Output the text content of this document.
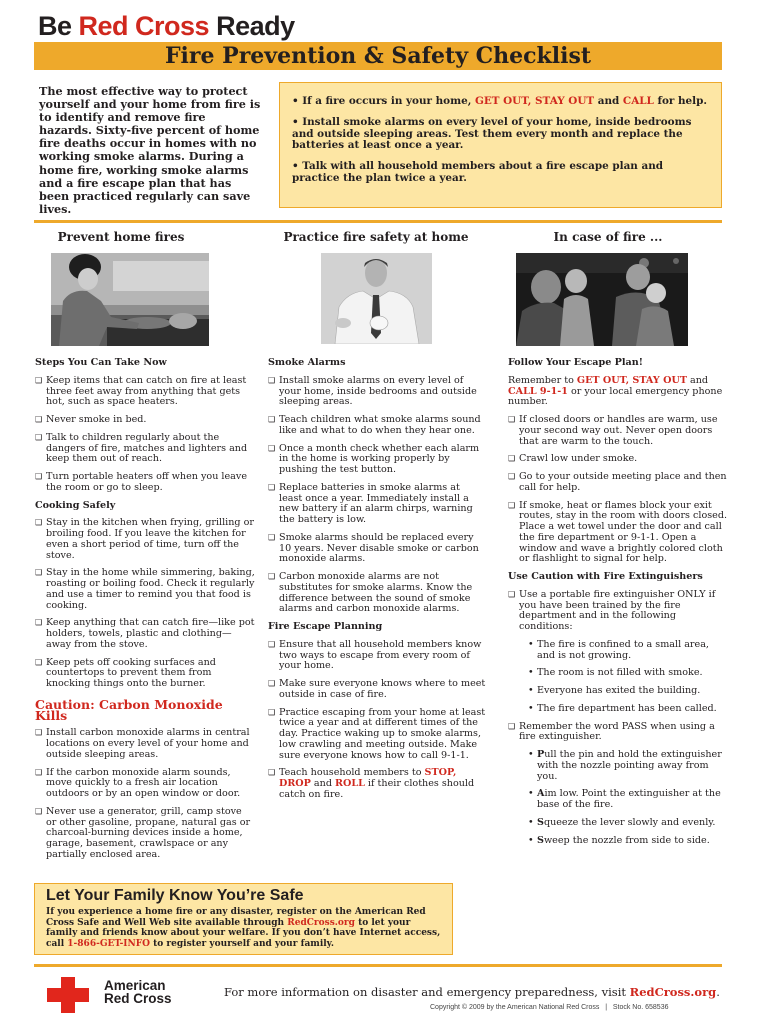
Be Red Cross Ready
Fire Prevention & Safety Checklist
The most effective way to protect yourself and your home from fire is to identify and remove fire hazards. Sixty-five percent of home fire deaths occur in homes with no working smoke alarms. During a home fire, working smoke alarms and a fire escape plan that has been practiced regularly can save lives.
• If a fire occurs in your home, GET OUT, STAY OUT and CALL for help.
• Install smoke alarms on every level of your home, inside bedrooms and outside sleeping areas. Test them every month and replace the batteries at least once a year.
• Talk with all household members about a fire escape plan and practice the plan twice a year.
Prevent home fires	Practice fire safety at home	In case of fire ...
Steps You Can Take Now
❑ Keep items that can catch on fire at least three feet away from anything that gets hot, such as space heaters.
❑ Never smoke in bed.
❑ Talk to children regularly about the dangers of fire, matches and lighters and keep them out of reach.
❑ Turn portable heaters off when you leave the room or go to sleep.
Cooking Safely
❑ Stay in the kitchen when frying, grilling or broiling food. If you leave the kitchen for even a short period of time, turn off the stove.
❑ Stay in the home while simmering, baking, roasting or boiling food. Check it regularly and use a timer to remind you that food is cooking.
❑ Keep anything that can catch fire—like pot holders, towels, plastic and clothing—away from the stove.
❑ Keep pets off cooking surfaces and countertops to prevent them from knocking things onto the burner.
Caution: Carbon Monoxide Kills
❑ Install carbon monoxide alarms in central locations on every level of your home and outside sleeping areas.
❑ If the carbon monoxide alarm sounds, move quickly to a fresh air location outdoors or by an open window or door.
❑ Never use a generator, grill, camp stove or other gasoline, propane, natural gas or charcoal-burning devices inside a home, garage, basement, crawlspace or any partially enclosed area.
Smoke Alarms
❑ Install smoke alarms on every level of your home, inside bedrooms and outside sleeping areas.
❑ Teach children what smoke alarms sound like and what to do when they hear one.
❑ Once a month check whether each alarm in the home is working properly by pushing the test button.
❑ Replace batteries in smoke alarms at least once a year. Immediately install a new battery if an alarm chirps, warning the battery is low.
❑ Smoke alarms should be replaced every 10 years. Never disable smoke or carbon monoxide alarms.
❑ Carbon monoxide alarms are not substitutes for smoke alarms. Know the difference between the sound of smoke alarms and carbon monoxide alarms.
Fire Escape Planning
❑ Ensure that all household members know two ways to escape from every room of your home.
❑ Make sure everyone knows where to meet outside in case of fire.
❑ Practice escaping from your home at least twice a year and at different times of the day. Practice waking up to smoke alarms, low crawling and meeting outside. Make sure everyone knows how to call 9-1-1.
❑ Teach household members to STOP, DROP and ROLL if their clothes should catch on fire.
Follow Your Escape Plan!
Remember to GET OUT, STAY OUT and CALL 9-1-1 or your local emergency phone number.
❑ If closed doors or handles are warm, use your second way out. Never open doors that are warm to the touch.
❑ Crawl low under smoke.
❑ Go to your outside meeting place and then call for help.
❑ If smoke, heat or flames block your exit routes, stay in the room with doors closed. Place a wet towel under the door and call the fire department or 9-1-1. Open a window and wave a brightly colored cloth or flashlight to signal for help.
Use Caution with Fire Extinguishers
❑ Use a portable fire extinguisher ONLY if you have been trained by the fire department and in the following conditions:
• The fire is confined to a small area, and is not growing.
• The room is not filled with smoke.
• Everyone has exited the building.
• The fire department has been called.
❑ Remember the word PASS when using a fire extinguisher.
• Pull the pin and hold the extinguisher with the nozzle pointing away from you.
• Aim low. Point the extinguisher at the base of the fire.
• Squeeze the lever slowly and evenly.
• Sweep the nozzle from side to side.
Let Your Family Know You’re Safe
If you experience a home fire or any disaster, register on the American Red Cross Safe and Well Web site available through RedCross.org to let your family and friends know about your welfare. If you don’t have Internet access, call 1-866-GET-INFO to register yourself and your family.
American
Red Cross	For more information on disaster and emergency preparedness, visit RedCross.org.
Copyright © 2009 by the American National Red Cross   |   Stock No. 658536
